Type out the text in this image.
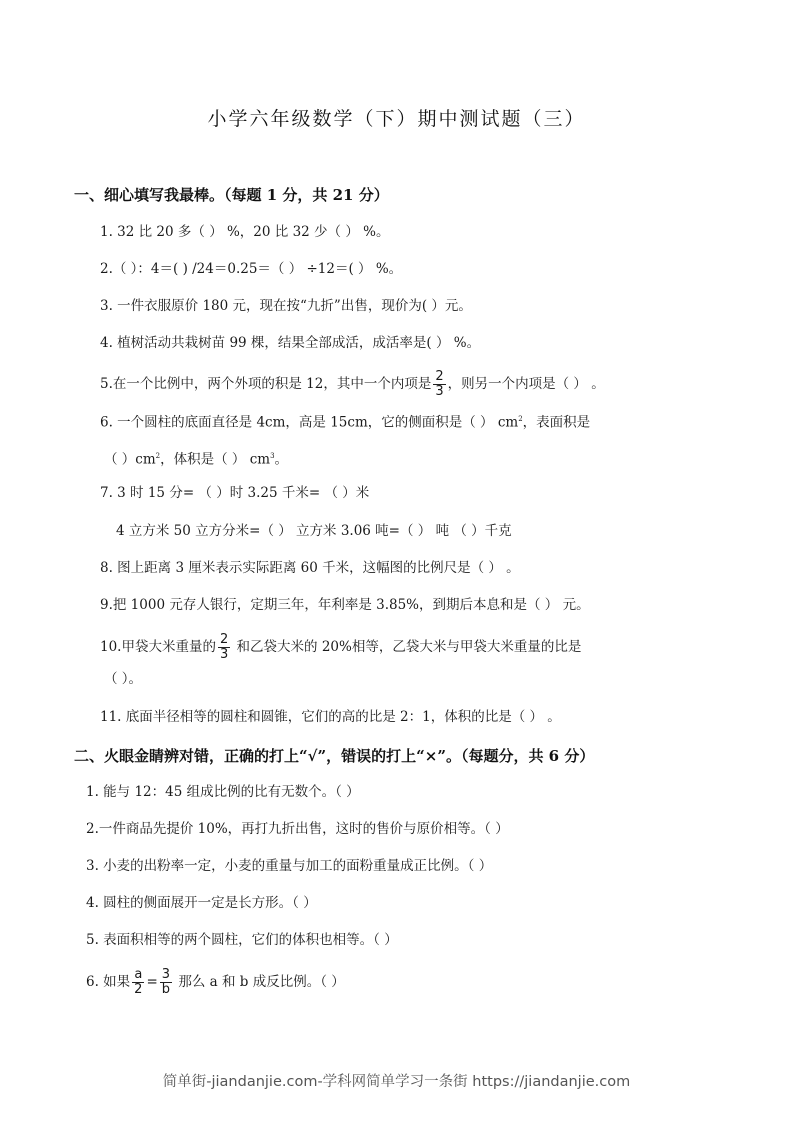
小学六年级数学（下）期中测试题（三）
一、细心填写我最棒。（每题 1 分，共 21 分）
1. 32 比 20 多（ ） %，20 比 32 少（ ） %。
2.（ ）：4＝( ) /24＝0.25＝（ ） ÷12＝( ） %。
3. 一件衣服原价 180 元，现在按“九折”出售，现价为( ）元。
4. 植树活动共栽树苗 99 棵，结果全部成活，成活率是( ） %。
5.在一个比例中，两个外项的积是 12，其中一个内项是 $\frac{2}{3}$ ，则另一个内项是（ ） 。
6. 一个圆柱的底面直径是 4cm，高是 15cm，它的侧面积是（ ） $cm^2$，表面积是
（ ）$cm^2$，体积是（ ） $cm^3$。
7. 3 时 15 分= （ ）时 3.25 千米= （ ）米
4 立方米 50 立方分米=（ ） 立方米 3.06 吨=（ ） 吨 （ ）千克
8. 图上距离 3 厘米表示实际距离 60 千米，这幅图的比例尺是（ ） 。
9.把 1000 元存人银行，定期三年，年利率是 3.85%，到期后本息和是（ ） 元。
10.甲袋大米重量的 $\frac{2}{3}$ 和乙袋大米的 20%相等，乙袋大米与甲袋大米重量的比是
（ ）。
11. 底面半径相等的圆柱和圆锥，它们的高的比是 2：1，体积的比是（ ） 。
二、火眼金睛辨对错，正确的打上“√”，错误的打上“×”。（每题分，共 6 分）
1. 能与 12：45 组成比例的比有无数个。（ ）
2.一件商品先提价 10%，再打九折出售，这时的售价与原价相等。（ ）
3. 小麦的出粉率一定，小麦的重量与加工的面粉重量成正比例。（ ）
4. 圆柱的侧面展开一定是长方形。（ ）
5. 表面积相等的两个圆柱，它们的体积也相等。（ ）
6. 如果 $\frac{a}{2} = \frac{3}{b}$ 那么 a 和 b 成反比例。（ ）
简单街-jiandanjie.com-学科网简单学习一条街 https://jiandanjie.com
